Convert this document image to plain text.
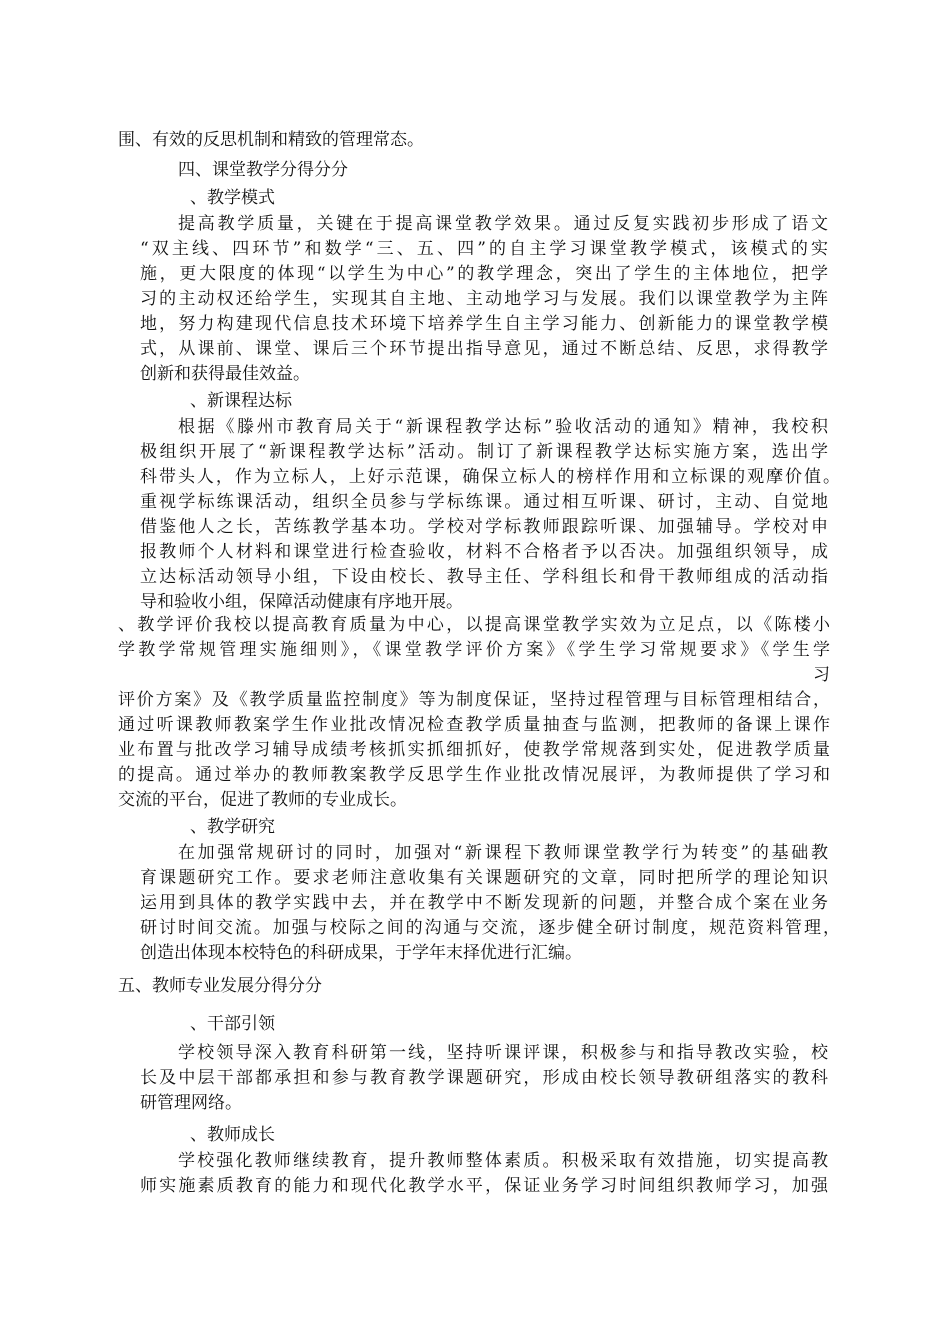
围、有效的反思机制和精致的管理常态。

四、课堂教学分得分分

、教学模式

提高教学质量，关键在于提高课堂教学效果。通过反复实践初步形成了语文

“双主线、四环节”和数学“三、五、四”的自主学习课堂教学模式，该模式的实

施，更大限度的体现“以学生为中心”的教学理念，突出了学生的主体地位，把学

习的主动权还给学生，实现其自主地、主动地学习与发展。我们以课堂教学为主阵

地，努力构建现代信息技术环境下培养学生自主学习能力、创新能力的课堂教学模

式，从课前、课堂、课后三个环节提出指导意见，通过不断总结、反思，求得教学

创新和获得最佳效益。

、新课程达标

根据《滕州市教育局关于“新课程教学达标”验收活动的通知》精神，我校积

极组织开展了“新课程教学达标”活动。制订了新课程教学达标实施方案，选出学

科带头人，作为立标人，上好示范课，确保立标人的榜样作用和立标课的观摩价值。

重视学标练课活动，组织全员参与学标练课。通过相互听课、研讨，主动、自觉地

借鉴他人之长，苦练教学基本功。学校对学标教师跟踪听课、加强辅导。学校对申

报教师个人材料和课堂进行检查验收，材料不合格者予以否决。加强组织领导，成

立达标活动领导小组，下设由校长、教导主任、学科组长和骨干教师组成的活动指

导和验收小组，保障活动健康有序地开展。

、教学评价我校以提高教育质量为中心，以提高课堂教学实效为立足点，以《陈楼小

学教学常规管理实施细则》，《课堂教学评价方案》《学生学习常规要求》《学生学

习

评价方案》及《教学质量监控制度》等为制度保证，坚持过程管理与目标管理相结合，

通过听课教师教案学生作业批改情况检查教学质量抽查与监测，把教师的备课上课作

业布置与批改学习辅导成绩考核抓实抓细抓好，使教学常规落到实处，促进教学质量

的提高。通过举办的教师教案教学反思学生作业批改情况展评，为教师提供了学习和

交流的平台，促进了教师的专业成长。

、教学研究

在加强常规研讨的同时，加强对“新课程下教师课堂教学行为转变”的基础教

育课题研究工作。要求老师注意收集有关课题研究的文章，同时把所学的理论知识

运用到具体的教学实践中去，并在教学中不断发现新的问题，并整合成个案在业务

研讨时间交流。加强与校际之间的沟通与交流，逐步健全研讨制度，规范资料管理，

创造出体现本校特色的科研成果，于学年末择优进行汇编。

五、教师专业发展分得分分

、干部引领

学校领导深入教育科研第一线，坚持听课评课，积极参与和指导教改实验，校

长及中层干部都承担和参与教育教学课题研究，形成由校长领导教研组落实的教科

研管理网络。

、教师成长

学校强化教师继续教育，提升教师整体素质。积极采取有效措施，切实提高教

师实施素质教育的能力和现代化教学水平，保证业务学习时间组织教师学习，加强
